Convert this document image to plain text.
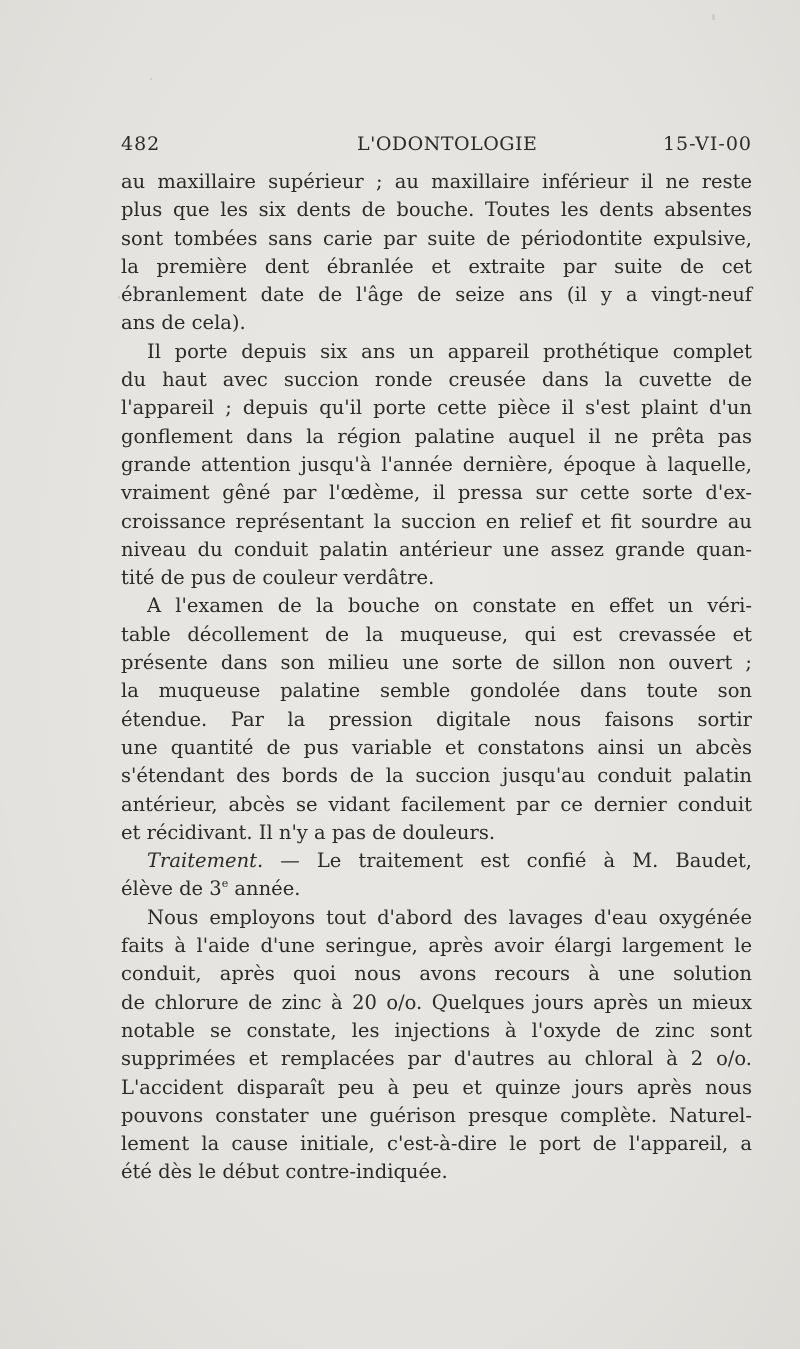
482	L'ODONTOLOGIE	15-VI-00
au maxillaire supérieur ; au maxillaire inférieur il ne reste
plus que les six dents de bouche. Toutes les dents absentes
sont tombées sans carie par suite de périodontite expulsive,
la première dent ébranlée et extraite par suite de cet
ébranlement date de l'âge de seize ans (il y a vingt-neuf
ans de cela).
Il porte depuis six ans un appareil prothétique complet
du haut avec succion ronde creusée dans la cuvette de
l'appareil ; depuis qu'il porte cette pièce il s'est plaint d'un
gonflement dans la région palatine auquel il ne prêta pas
grande attention jusqu'à l'année dernière, époque à laquelle,
vraiment gêné par l'œdème, il pressa sur cette sorte d'ex-
croissance représentant la succion en relief et fit sourdre au
niveau du conduit palatin antérieur une assez grande quan-
tité de pus de couleur verdâtre.
A l'examen de la bouche on constate en effet un véri-
table décollement de la muqueuse, qui est crevassée et
présente dans son milieu une sorte de sillon non ouvert ;
la muqueuse palatine semble gondolée dans toute son
étendue. Par la pression digitale nous faisons sortir
une quantité de pus variable et constatons ainsi un abcès
s'étendant des bords de la succion jusqu'au conduit palatin
antérieur, abcès se vidant facilement par ce dernier conduit
et récidivant. Il n'y a pas de douleurs.
Traitement. — Le traitement est confié à M. Baudet,
élève de 3e année.
Nous employons tout d'abord des lavages d'eau oxygénée
faits à l'aide d'une seringue, après avoir élargi largement le
conduit, après quoi nous avons recours à une solution
de chlorure de zinc à 20 o/o. Quelques jours après un mieux
notable se constate, les injections à l'oxyde de zinc sont
supprimées et remplacées par d'autres au chloral à 2 o/o.
L'accident disparaît peu à peu et quinze jours après nous
pouvons constater une guérison presque complète. Naturel-
lement la cause initiale, c'est-à-dire le port de l'appareil, a
été dès le début contre-indiquée.
